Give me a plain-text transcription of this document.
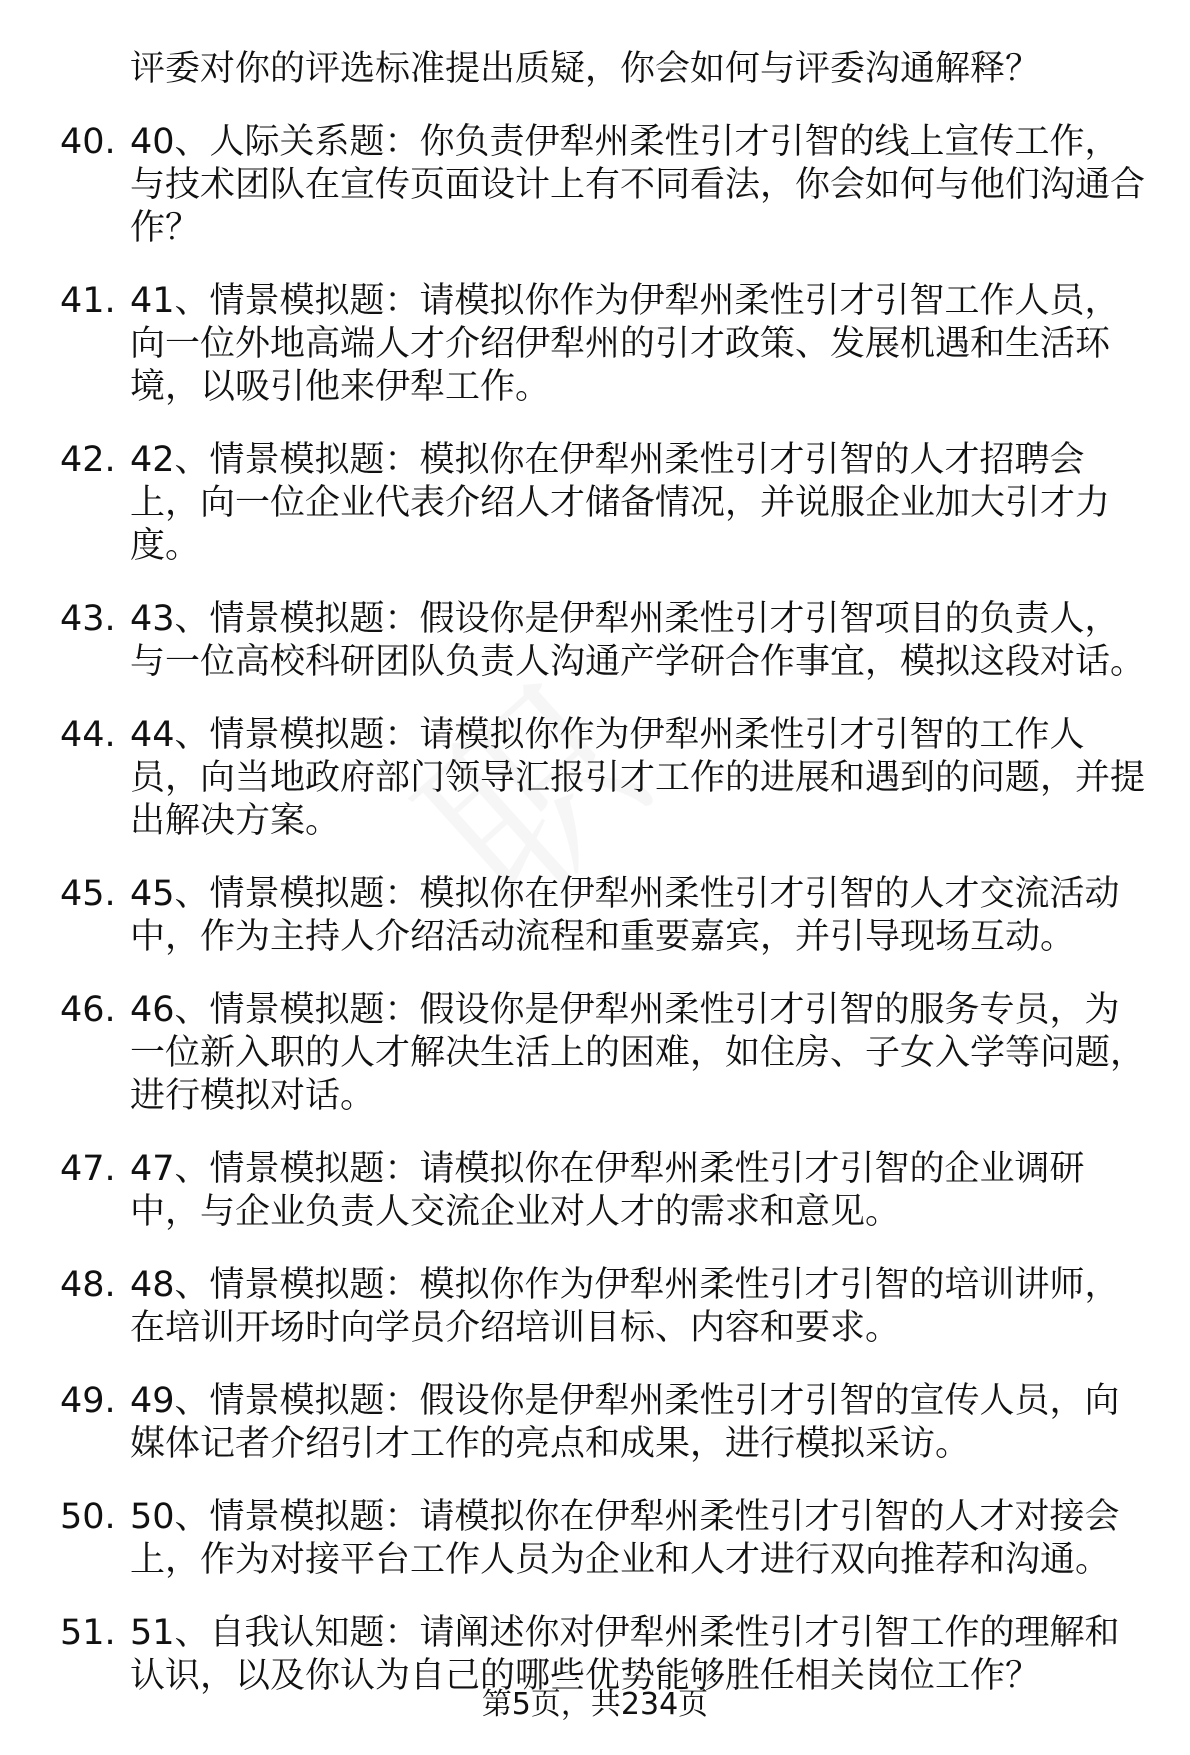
评委对你的评选标准提出质疑，你会如何与评委沟通解释？
40. 40、人际关系题：你负责伊犁州柔性引才引智的线上宣传工作，与技术团队在宣传页面设计上有不同看法，你会如何与他们沟通合作？
41. 41、情景模拟题：请模拟你作为伊犁州柔性引才引智工作人员，向一位外地高端人才介绍伊犁州的引才政策、发展机遇和生活环境，以吸引他来伊犁工作。
42. 42、情景模拟题：模拟你在伊犁州柔性引才引智的人才招聘会上，向一位企业代表介绍人才储备情况，并说服企业加大引才力度。
43. 43、情景模拟题：假设你是伊犁州柔性引才引智项目的负责人，与一位高校科研团队负责人沟通产学研合作事宜，模拟这段对话。
44. 44、情景模拟题：请模拟你作为伊犁州柔性引才引智的工作人员，向当地政府部门领导汇报引才工作的进展和遇到的问题，并提出解决方案。
45. 45、情景模拟题：模拟你在伊犁州柔性引才引智的人才交流活动中，作为主持人介绍活动流程和重要嘉宾，并引导现场互动。
46. 46、情景模拟题：假设你是伊犁州柔性引才引智的服务专员，为一位新入职的人才解决生活上的困难，如住房、子女入学等问题，进行模拟对话。
47. 47、情景模拟题：请模拟你在伊犁州柔性引才引智的企业调研中，与企业负责人交流企业对人才的需求和意见。
48. 48、情景模拟题：模拟你作为伊犁州柔性引才引智的培训讲师，在培训开场时向学员介绍培训目标、内容和要求。
49. 49、情景模拟题：假设你是伊犁州柔性引才引智的宣传人员，向媒体记者介绍引才工作的亮点和成果，进行模拟采访。
50. 50、情景模拟题：请模拟你在伊犁州柔性引才引智的人才对接会上，作为对接平台工作人员为企业和人才进行双向推荐和沟通。
51. 51、自我认知题：请阐述你对伊犁州柔性引才引智工作的理解和认识，以及你认为自己的哪些优势能够胜任相关岗位工作？
第5页，共234页
